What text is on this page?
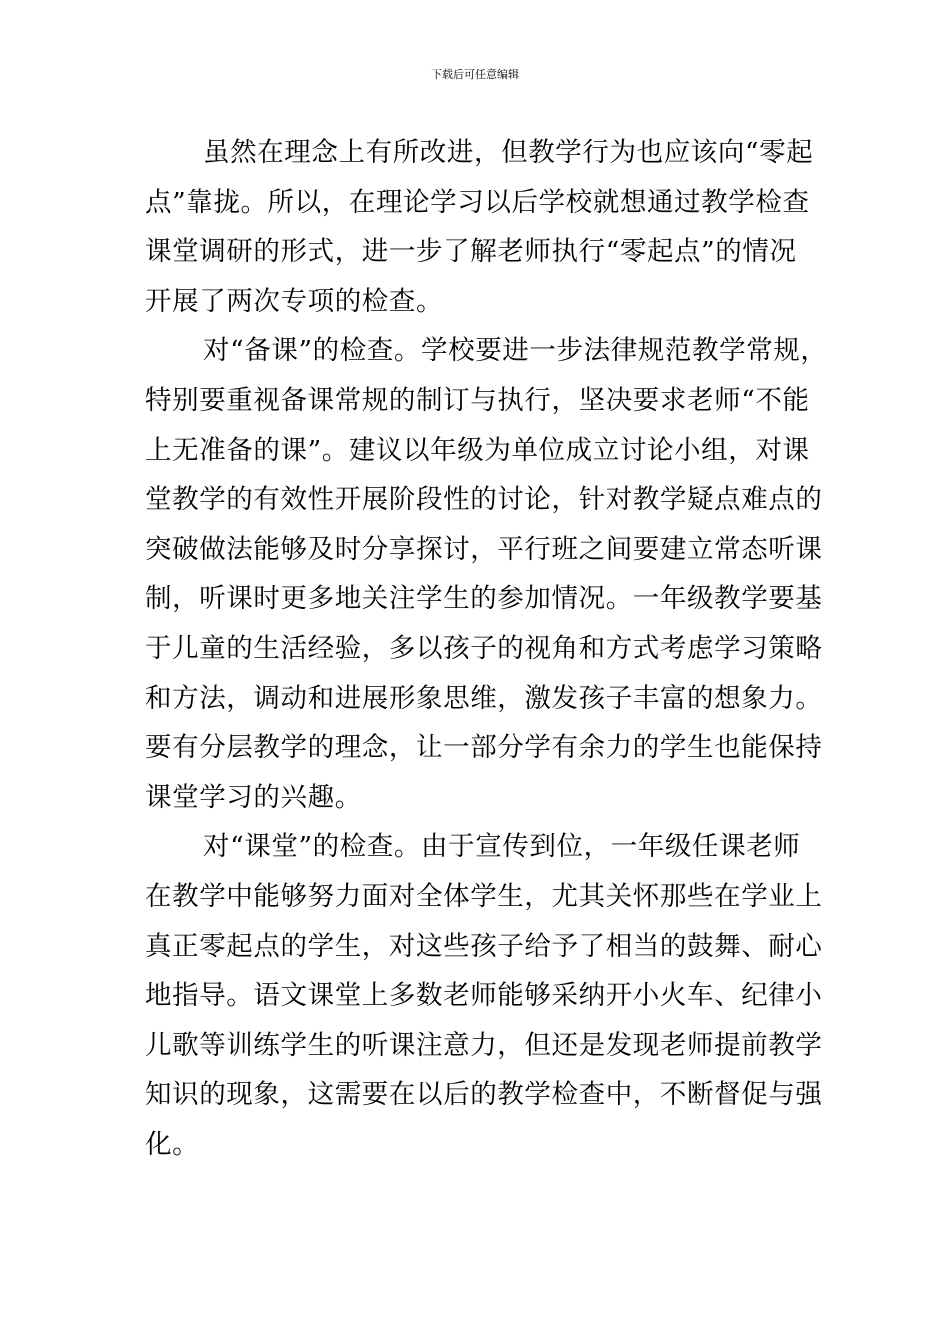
下载后可任意编辑
虽然在理念上有所改进，但教学行为也应该向“零起
点”靠拢。所以，在理论学习以后学校就想通过教学检查
课堂调研的形式，进一步了解老师执行“零起点”的情况
开展了两次专项的检查。
对“备课”的检查。学校要进一步法律规范教学常规，
特别要重视备课常规的制订与执行，坚决要求老师“不能
上无准备的课”。建议以年级为单位成立讨论小组，对课
堂教学的有效性开展阶段性的讨论，针对教学疑点难点的
突破做法能够及时分享探讨，平行班之间要建立常态听课
制，听课时更多地关注学生的参加情况。一年级教学要基
于儿童的生活经验，多以孩子的视角和方式考虑学习策略
和方法，调动和进展形象思维，激发孩子丰富的想象力。
要有分层教学的理念，让一部分学有余力的学生也能保持
课堂学习的兴趣。
对“课堂”的检查。由于宣传到位，一年级任课老师
在教学中能够努力面对全体学生，尤其关怀那些在学业上
真正零起点的学生，对这些孩子给予了相当的鼓舞、耐心
地指导。语文课堂上多数老师能够采纳开小火车、纪律小
儿歌等训练学生的听课注意力，但还是发现老师提前教学
知识的现象，这需要在以后的教学检查中，不断督促与强
化。
